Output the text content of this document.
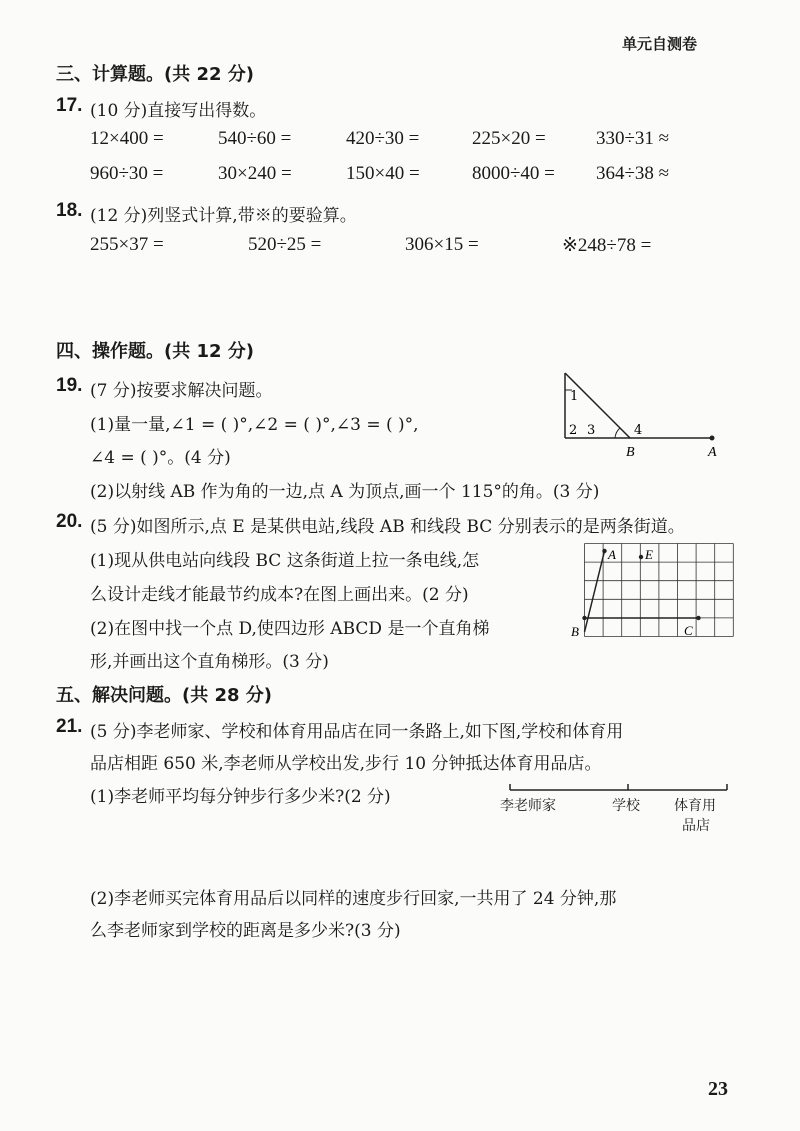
单元自测卷
三、计算题。(共 22 分)
17. (10 分)直接写出得数。
12×400 =	540÷60 =	420÷30 =	225×20 =	330÷31 ≈
960÷30 =	30×240 =	150×40 =	8000÷40 = 364÷38 ≈
18. (12 分)列竖式计算,带※的要验算。
255×37 =	520÷25 =	306×15 =	※248÷78 =
四、操作题。(共 12 分)
19. (7 分)按要求解决问题。
(1)量一量,∠1 = ( )°,∠2 = ( )°,∠3 = ( )°,
∠4 = ( )°。(4 分)
(2)以射线 AB 作为角的一边,点 A 为顶点,画一个 115°的角。(3 分)
1
2 3	4
B	A
20. (5 分)如图所示,点 E 是某供电站,线段 AB 和线段 BC 分别表示的是两条街道。
(1)现从供电站向线段 BC 这条街道上拉一条电线,怎
么设计走线才能最节约成本?在图上画出来。(2 分)
(2)在图中找一个点 D,使四边形 ABCD 是一个直角梯
形,并画出这个直角梯形。(3 分)
A E
B	C
五、解决问题。(共 28 分)
21. (5 分)李老师家、学校和体育用品店在同一条路上,如下图,学校和体育用
品店相距 650 米,李老师从学校出发,步行 10 分钟抵达体育用品店。
(1)李老师平均每分钟步行多少米?(2 分)	李老师家	学校 体育用
品店
(2)李老师买完体育用品后以同样的速度步行回家,一共用了 24 分钟,那
么李老师家到学校的距离是多少米?(3 分)
23
